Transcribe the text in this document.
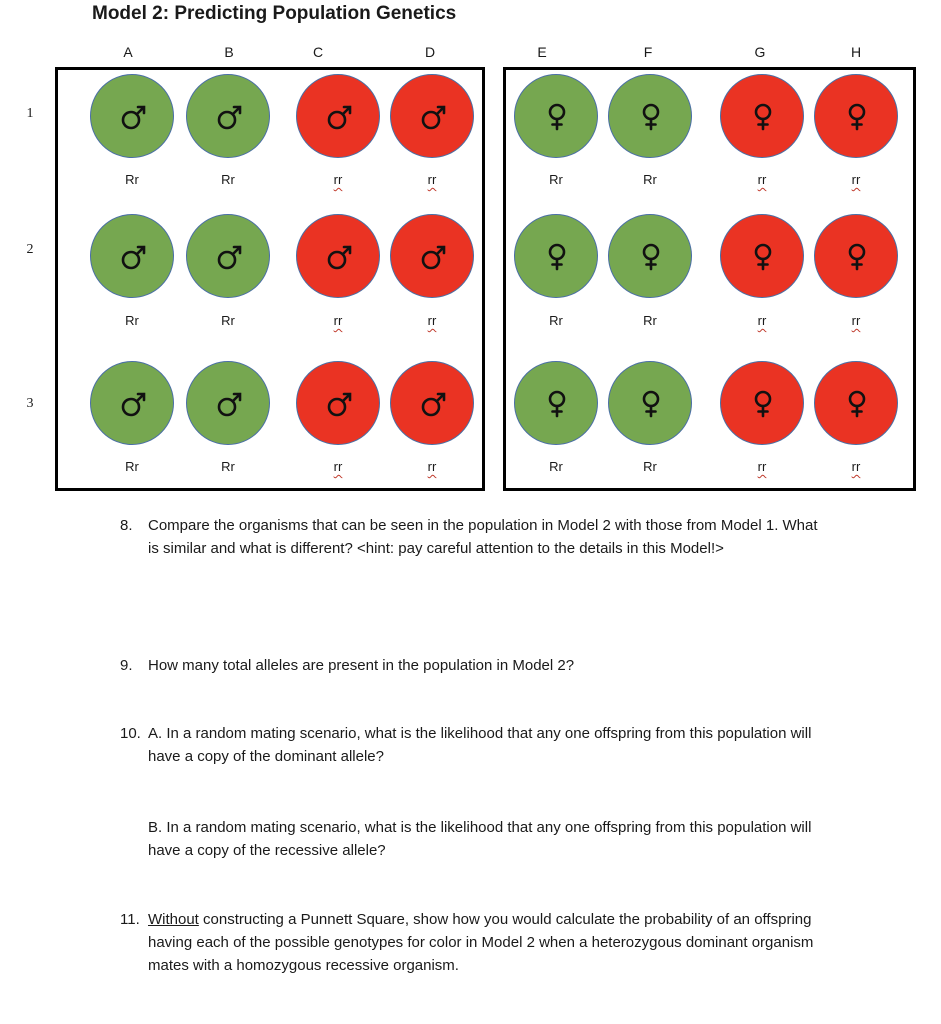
Model 2: Predicting Population Genetics
A	B	C	D	E	F	G	H
1
2
3
Rr	Rr	rr	rr	Rr	Rr	rr	rr
Rr	Rr	rr	rr	Rr	Rr	rr	rr
Rr	Rr	rr	rr	Rr	Rr	rr	rr
8. Compare the organisms that can be seen in the population in Model 2 with those from Model 1. What is similar and what is different? <hint: pay careful attention to the details in this Model!>
9. How many total alleles are present in the population in Model 2?
10. A. In a random mating scenario, what is the likelihood that any one offspring from this population will have a copy of the dominant allele?
B. In a random mating scenario, what is the likelihood that any one offspring from this population will have a copy of the recessive allele?
11. Without constructing a Punnett Square, show how you would calculate the probability of an offspring having each of the possible genotypes for color in Model 2 when a heterozygous dominant organism mates with a homozygous recessive organism.
